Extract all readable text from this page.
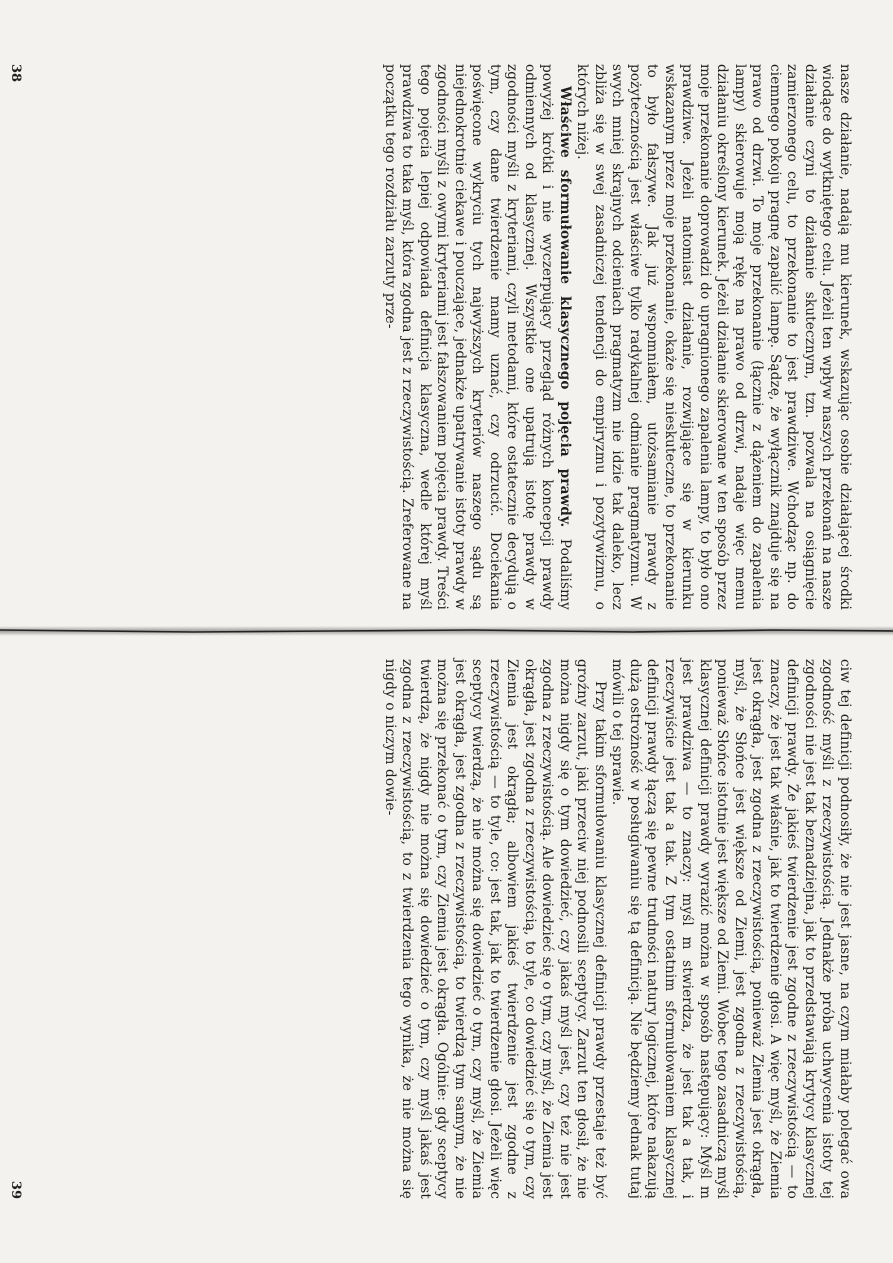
nasze działanie, nadają mu kierunek, wskazując osobie działającej środki wiodące do wytkniętego celu. Jeżeli ten wpływ naszych przekonań na nasze działanie czyni to działanie skutecznym, tzn. pozwala na osiągnięcie zamierzonego celu, to przekonanie to jest prawdziwe. Wchodząc np. do ciemnego pokoju pragnę zapalić lampę. Sądzę, że wyłącznik znajduje się na prawo od drzwi. To moje przekonanie (łącznie z dążeniem do zapalenia lampy) skierowuje moją rękę na prawo od drzwi, nadaje więc memu działaniu określony kierunek. Jeżeli działanie skierowane w ten sposób przez moje przekonanie doprowadzi do upragnionego zapalenia lampy, to było ono prawdziwe. Jeżeli natomiast działanie, rozwijające się w kierunku wskazanym przez moje przekonanie, okaże się nieskuteczne, to przekonanie to było fałszywe. Jak już wspomniałem, utożsamianie prawdy z pożytecznością jest właściwe tylko radykalnej odmianie pragmatyzmu. W swych mniej skrajnych odcieniach pragmatyzm nie idzie tak daleko, lecz zbliża się w swej zasadniczej tendencji do empiryzmu i pozytywizmu, o których niżej.

Właściwe sformułowanie klasycznego pojęcia prawdy. Podaliśmy powyżej krótki i nie wyczerpujący przegląd różnych koncepcji prawdy odmiennych od klasycznej. Wszystkie one upatrują istotę prawdy w zgodności myśli z kryteriami, czyli metodami, które ostatecznie decydują o tym, czy dane twierdzenie mamy uznać, czy odrzucić. Dociekania poświęcone wykryciu tych najwyższych kryteriów naszego sądu są niejednokrotnie ciekawe i pouczające, jednakże upatrywanie istoty prawdy w zgodności myśli z owymi kryteriami jest fałszowaniem pojęcia prawdy. Treści tego pojęcia lepiej odpowiada definicja klasyczna, wedle której myśl prawdziwa to taka myśl, która zgodna jest z rzeczywistością. Zreferowane na początku tego rozdziału zarzuty prze-

38

ciw tej definicji podnosiły, że nie jest jasne, na czym miałaby polegać owa zgodność myśli z rzeczywistością. Jednakże próba uchwycenia istoty tej zgodności nie jest tak beznadziejna, jak to przedstawiają krytycy klasycznej definicji prawdy. Że jakieś twierdzenie jest zgodne z rzeczywistością — to znaczy, że jest tak właśnie, jak to twierdzenie głosi. A więc myśl, że Ziemia jest okrągła, jest zgodna z rzeczywistością, ponieważ Ziemia jest okrągła, myśl, że Słońce jest większe od Ziemi, jest zgodna z rzeczywistością, ponieważ Słońce istotnie jest większe od Ziemi. Wobec tego zasadniczą myśl klasycznej definicji prawdy wyrazić można w sposób następujący: Myśl m jest prawdziwa — to znaczy: myśl m stwierdza, że jest tak a tak, i rzeczywiście jest tak a tak. Z tym ostatnim sformułowaniem klasycznej definicji prawdy łączą się pewne trudności natury logicznej, które nakazują dużą ostrożność w posługiwaniu się tą definicją. Nie będziemy jednak tutaj mówili o tej sprawie.

Przy takim sformułowaniu klasycznej definicji prawdy przestaje też być groźny zarzut, jaki przeciw niej podnosili sceptycy. Zarzut ten głosił, że nie można nigdy się o tym dowiedzieć, czy jakaś myśl jest, czy też nie jest zgodna z rzeczywistością. Ale dowiedzieć się o tym, czy myśl, że Ziemia jest okrągła, jest zgodna z rzeczywistością, to tyle, co dowiedzieć się o tym, czy Ziemia jest okrągła; albowiem jakieś twierdzenie jest zgodne z rzeczywistością — to tyle, co: jest tak, jak to twierdzenie głosi. Jeżeli więc sceptycy twierdzą, że nie można się dowiedzieć o tym, czy myśl, że Ziemia jest okrągła, jest zgodna z rzeczywistością, to twierdzą tym samym, że nie można się przekonać o tym, czy Ziemia jest okrągła. Ogólnie: gdy sceptycy twierdzą, że nigdy nie można się dowiedzieć o tym, czy myśl jakaś jest zgodna z rzeczywistością, to z twierdzenia tego wynika, że nie można się nigdy o niczym dowie-

39
